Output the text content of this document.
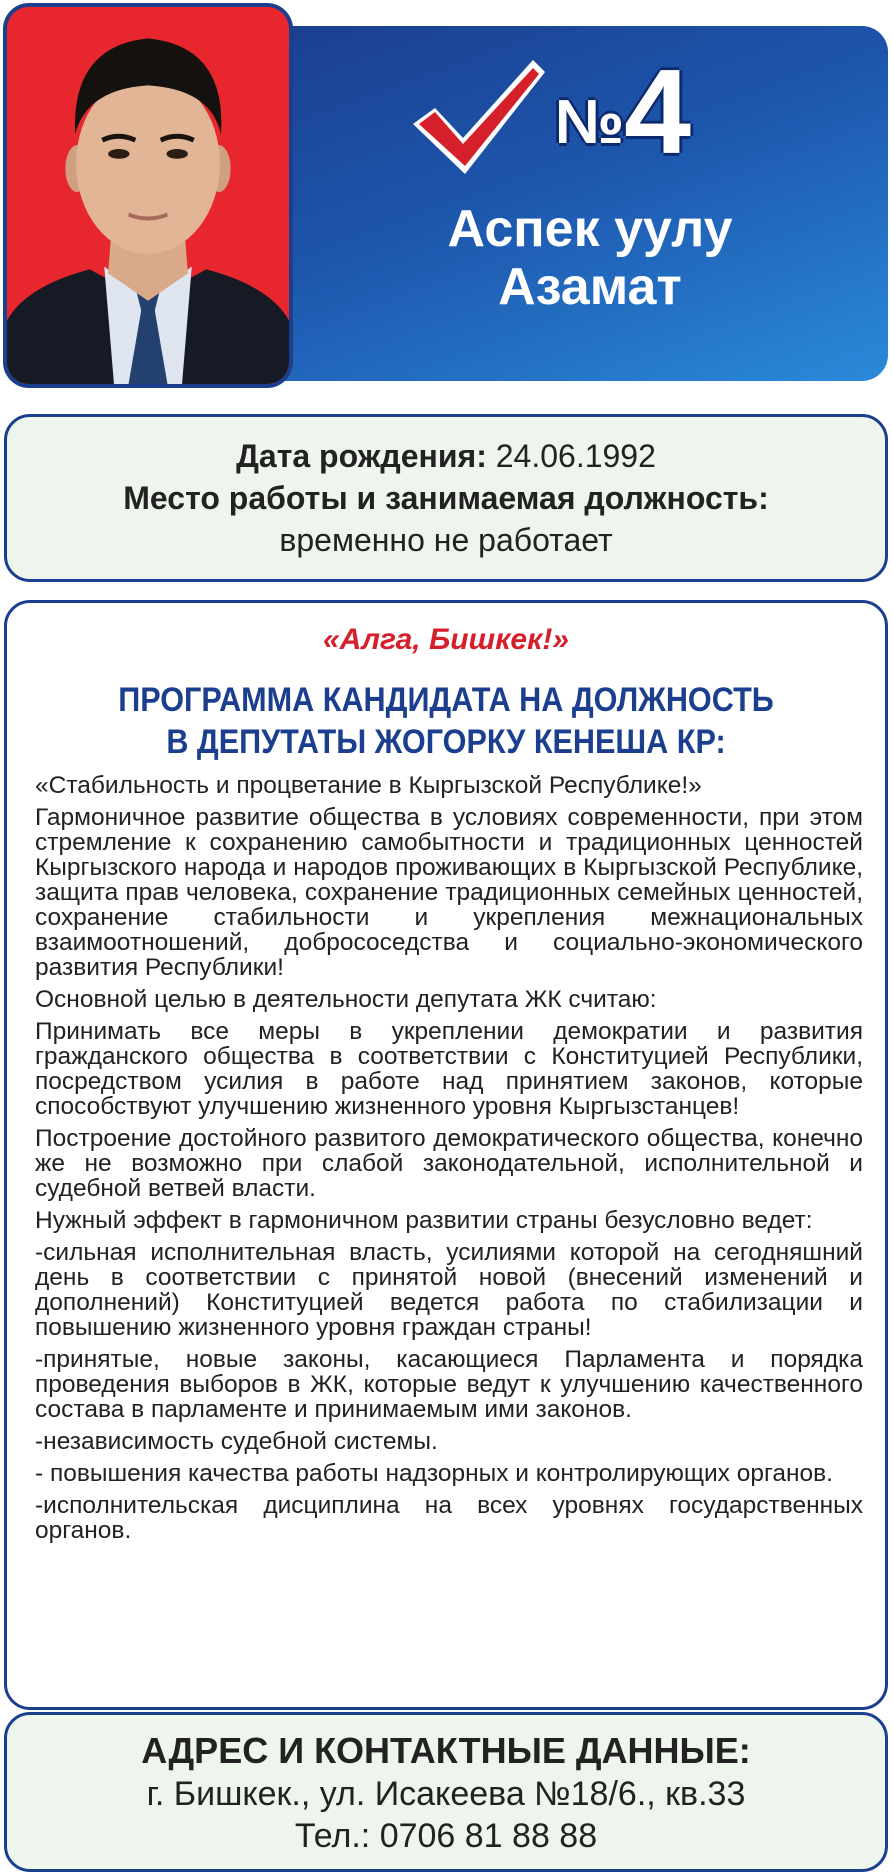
№4
Аспек уулу
Азамат
Дата рождения: 24.06.1992
Место работы и занимаемая должность:
временно не работает
«Алга, Бишкек!»
ПРОГРАММА КАНДИДАТА НА ДОЛЖНОСТЬ
В ДЕПУТАТЫ ЖОГОРКУ КЕНЕША КР:

«Стабильность и процветание в Кыргызской Республике!»

Гармоничное развитие общества в условиях современности, при этом стремление к сохранению самобытности и традиционных ценностей Кыргызского народа и народов проживающих в Кыргызской Республике, защита прав человека, сохранение традиционных семейных ценностей, сохранение стабильности и укрепления межнациональных взаимоотношений, добрососедства и социально-экономического развития Республики!

Основной целью в деятельности депутата ЖК считаю:

Принимать все меры в укреплении демократии и развития гражданского общества в соответствии с Конституцией Республики, посредством усилия в работе над принятием законов, которые способствуют улучшению жизненного уровня Кыргызстанцев!

Построение достойного развитого демократического общества, конечно же не возможно при слабой законодательной, исполнительной и судебной ветвей власти.

Нужный эффект в гармоничном развитии страны безусловно ведет:

-сильная исполнительная власть, усилиями которой на сегодняшний день в соответствии с принятой новой (внесений изменений и дополнений) Конституцией ведется работа по стабилизации и повышению жизненного уровня граждан страны!

-принятые, новые законы, касающиеся Парламента и порядка проведения выборов в ЖК, которые ведут к улучшению качественного состава в парламенте и принимаемым ими законов.

-независимость судебной системы.

- повышения качества работы надзорных и контролирующих органов.

-исполнительская дисциплина на всех уровнях государственных органов.

АДРЕС И КОНТАКТНЫЕ ДАННЫЕ:
г. Бишкек., ул. Исакеева №18/6., кв.33
Тел.: 0706 81 88 88
